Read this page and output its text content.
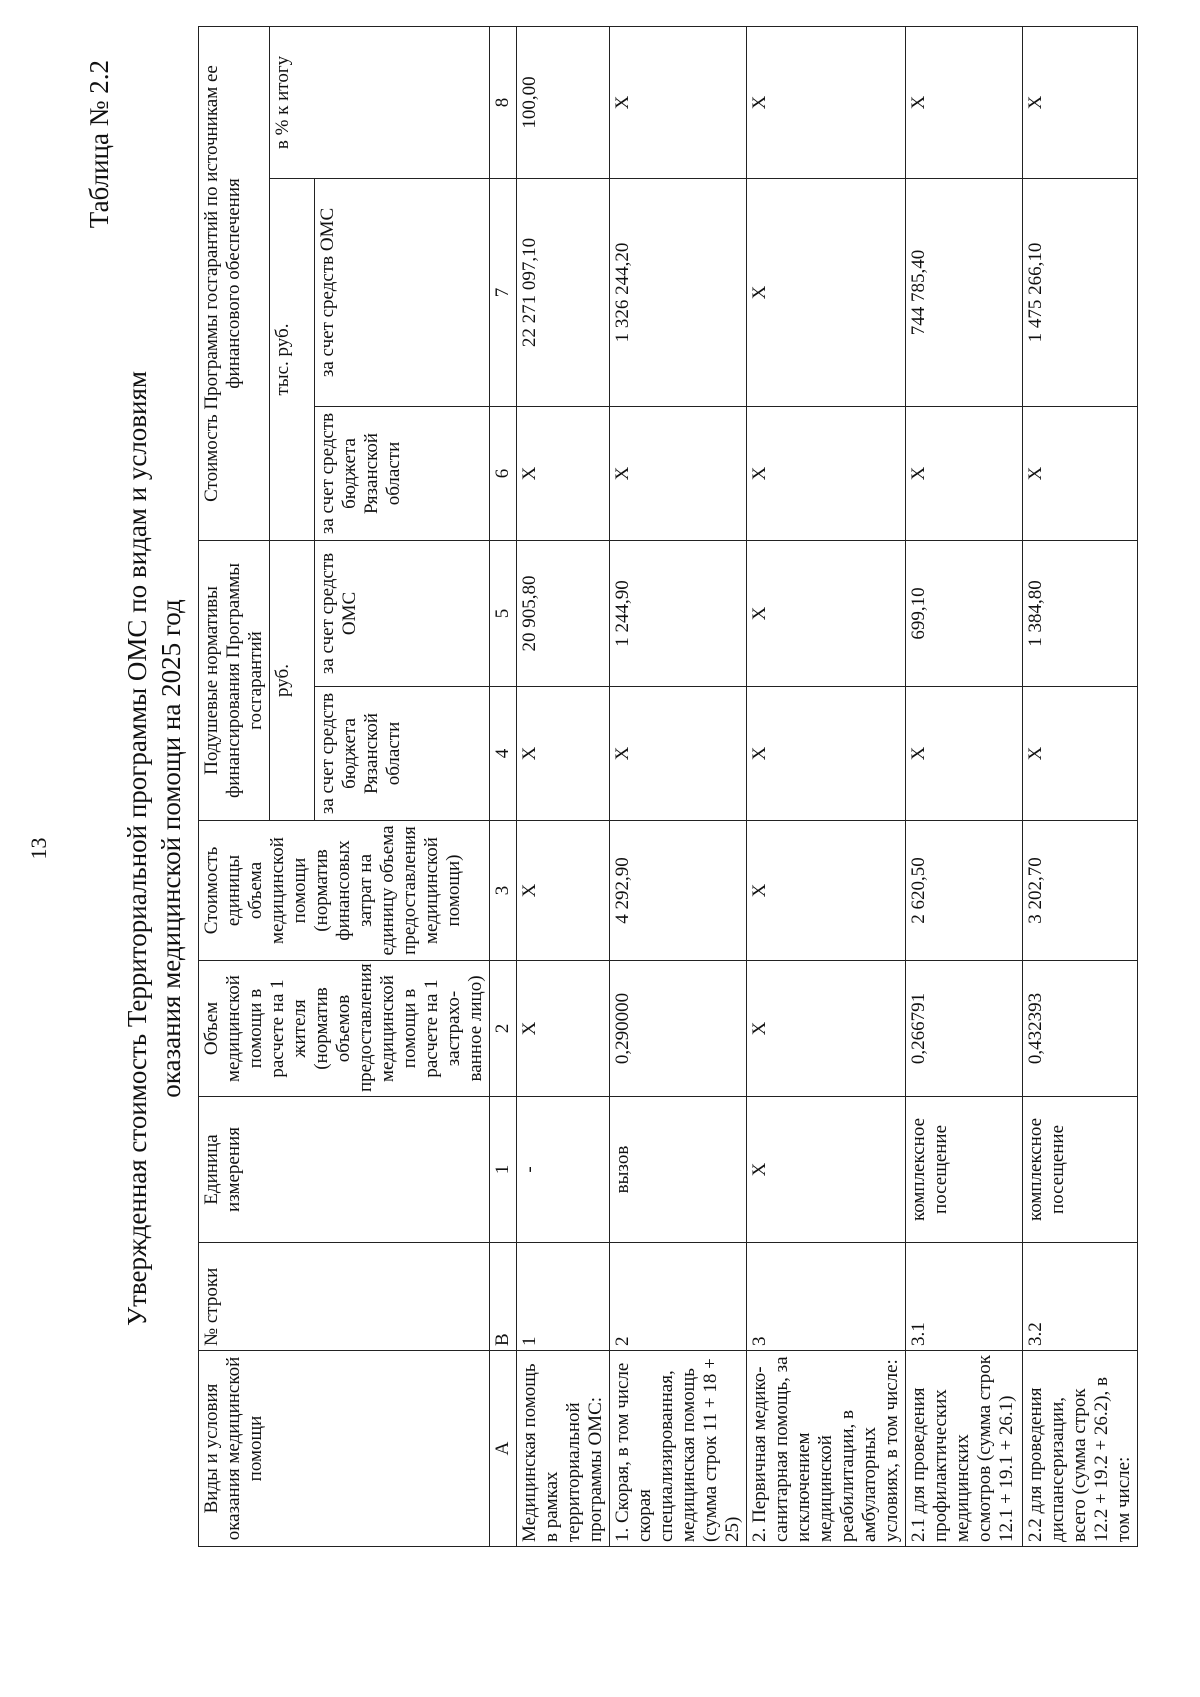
13
Таблица № 2.2
Утвержденная стоимость Территориальной программы ОМС по видам и условиям оказания медицинской помощи на 2025 год
Виды и условия оказания медицинской помощи	№ строки	Единица измерения	Объем медицинской помощи в расчете на 1 жителя (норматив объемов предоставления медицинской помощи в расчете на 1 застрахо-ванное лицо)	Стоимость единицы объема медицинской помощи (норматив финансовых затрат на единицу объема предоставления медицинской помощи)	Подушевые нормативы финансирования Программы госгарантий		Стоимость Программы госгарантий по источникам ее финансового обеспечения		
					руб.		тыс. руб.		в % к итогу
					за счет средств бюджета Рязанской области	за счет средств ОМС	за счет средств бюджета Рязанской области	за счет средств ОМС	
А	В	1	2	3	4	5	6	7	8
Медицинская помощь в рамках территориальной программы ОМС:	1	-	Х	Х	Х	20 905,80	Х	22 271 097,10	100,00
1. Скорая, в том числе скорая специализированная, медицинская помощь (сумма строк 11 + 18 + 25)	2	вызов	0,290000	4 292,90	Х	1 244,90	Х	1 326 244,20	Х
2. Первичная медико-санитарная помощь, за исключением медицинской реабилитации, в амбулаторных условиях, в том числе:	3	Х	Х	Х	Х	Х	Х	Х	Х
2.1 для проведения профилактических медицинских осмотров (сумма строк 12.1 + 19.1 + 26.1)	3.1	комплексное посещение	0,266791	2 620,50	Х	699,10	Х	744 785,40	Х
2.2 для проведения диспансеризации, всего (сумма строк 12.2 + 19.2 + 26.2), в том числе:	3.2	комплексное посещение	0,432393	3 202,70	Х	1 384,80	Х	1 475 266,10	Х
